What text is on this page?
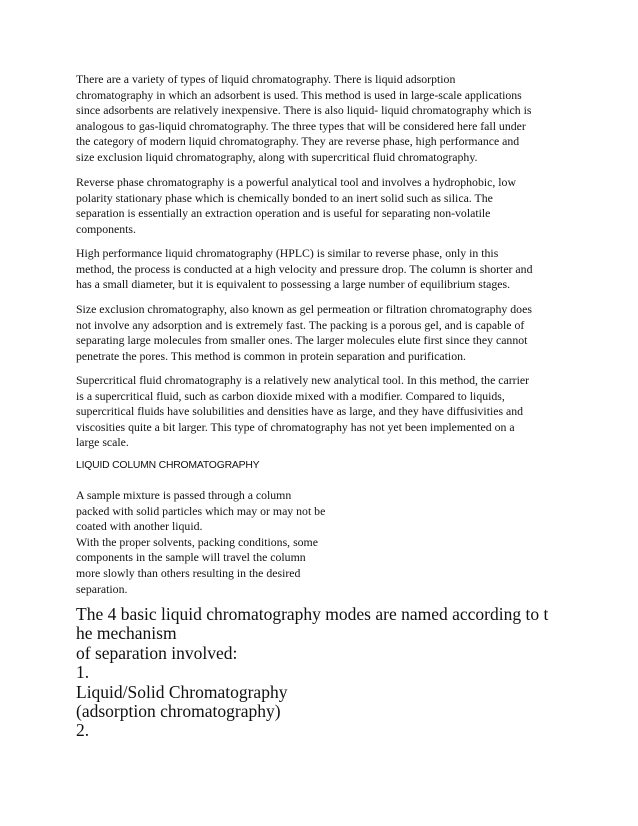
There are a variety of types of liquid chromatography. There is liquid adsorption
chromatography in which an adsorbent is used. This method is used in large-scale applications
since adsorbents are relatively inexpensive. There is also liquid- liquid chromatography which is
analogous to gas-liquid chromatography. The three types that will be considered here fall under
the category of modern liquid chromatography. They are reverse phase, high performance and
size exclusion liquid chromatography, along with supercritical fluid chromatography.
Reverse phase chromatography is a powerful analytical tool and involves a hydrophobic, low
polarity stationary phase which is chemically bonded to an inert solid such as silica. The
separation is essentially an extraction operation and is useful for separating non-volatile
components.
High performance liquid chromatography (HPLC) is similar to reverse phase, only in this
method, the process is conducted at a high velocity and pressure drop. The column is shorter and
has a small diameter, but it is equivalent to possessing a large number of equilibrium stages.
Size exclusion chromatography, also known as gel permeation or filtration chromatography does
not involve any adsorption and is extremely fast. The packing is a porous gel, and is capable of
separating large molecules from smaller ones. The larger molecules elute first since they cannot
penetrate the pores. This method is common in protein separation and purification.
Supercritical fluid chromatography is a relatively new analytical tool. In this method, the carrier
is a supercritical fluid, such as carbon dioxide mixed with a modifier. Compared to liquids,
supercritical fluids have solubilities and densities have as large, and they have diffusivities and
viscosities quite a bit larger. This type of chromatography has not yet been implemented on a
large scale.
LIQUID COLUMN CHROMATOGRAPHY
A sample mixture is passed through a column
packed with solid particles which may or may not be
coated with another liquid.
With the proper solvents, packing conditions, some
components in the sample will travel the column
more slowly than others resulting in the desired
separation.
The 4 basic liquid chromatography modes are named according to t
he mechanism
of separation involved:
1.
Liquid/Solid Chromatography
(adsorption chromatography)
2.
